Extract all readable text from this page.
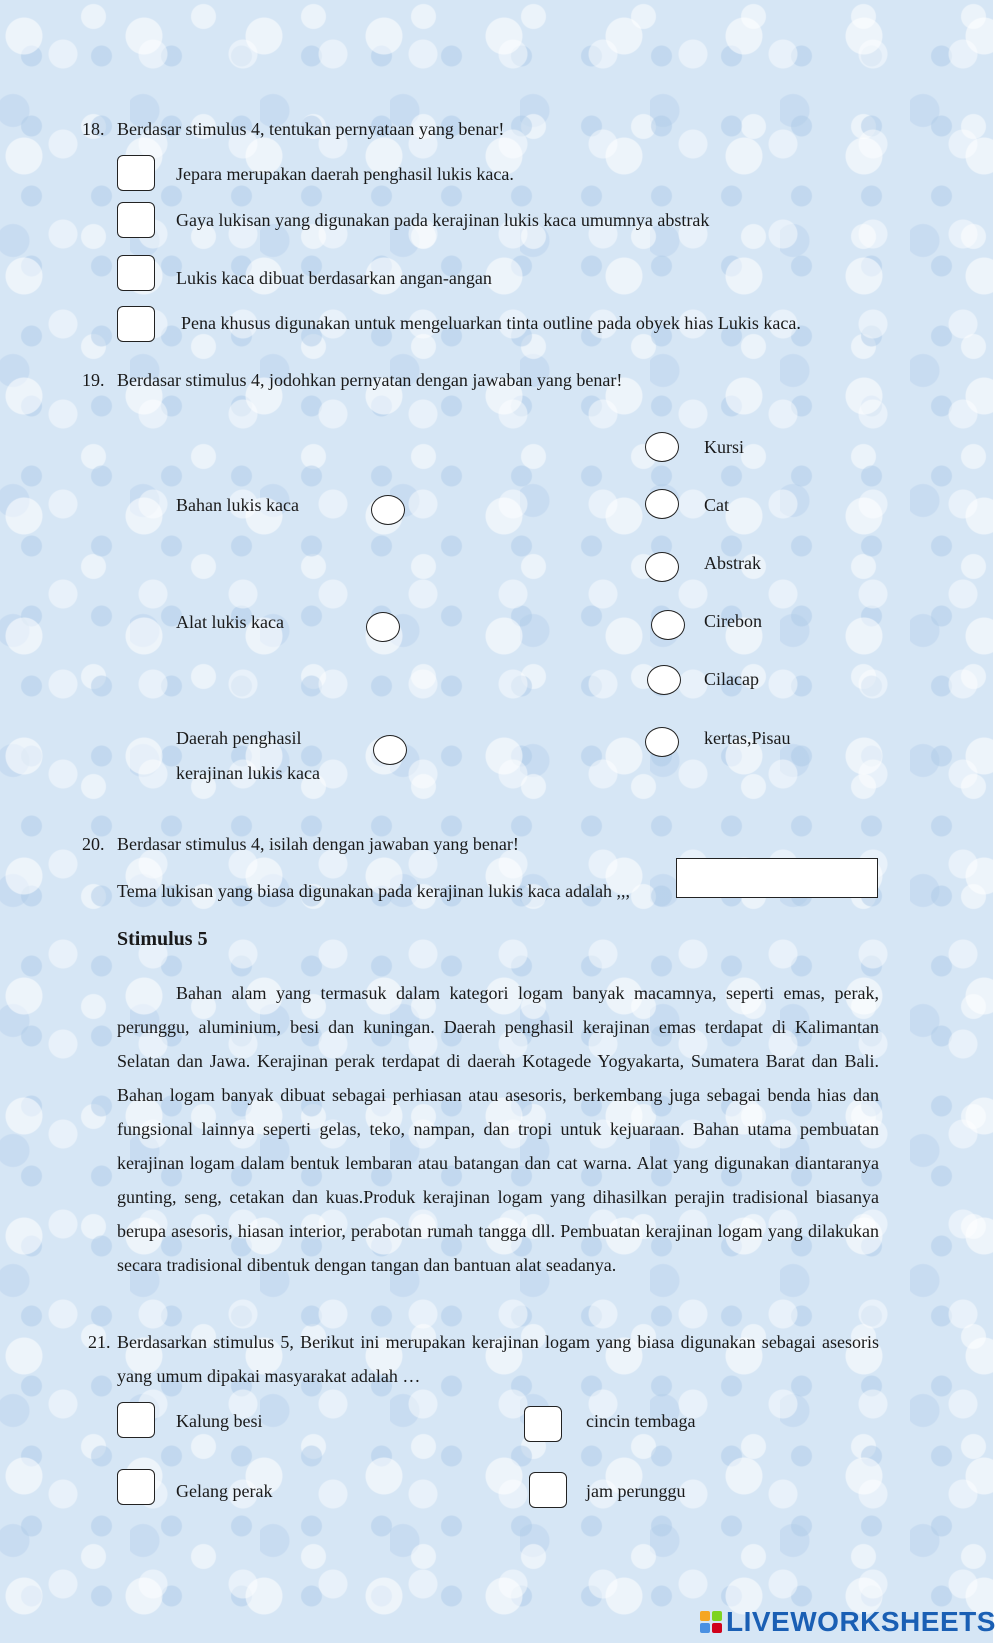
18. Berdasar stimulus 4, tentukan pernyataan yang benar!
Jepara merupakan daerah penghasil lukis kaca.
Gaya lukisan yang digunakan pada kerajinan lukis kaca umumnya abstrak
Lukis kaca dibuat berdasarkan angan-angan
Pena khusus digunakan untuk mengeluarkan tinta outline pada obyek hias Lukis kaca.
19. Berdasar stimulus 4, jodohkan pernyatan dengan jawaban yang benar!
Bahan lukis kaca
Alat lukis kaca
Daerah penghasil
kerajinan lukis kaca
Kursi
Cat
Abstrak
Cirebon
Cilacap
kertas,Pisau
20. Berdasar stimulus 4, isilah dengan jawaban yang benar!
Tema lukisan yang biasa digunakan pada kerajinan lukis kaca adalah ,,,
Stimulus 5

Bahan alam yang termasuk dalam kategori logam banyak macamnya, seperti emas, perak, perunggu, aluminium, besi dan kuningan. Daerah penghasil kerajinan emas terdapat di Kalimantan Selatan dan Jawa. Kerajinan perak terdapat di daerah Kotagede Yogyakarta, Sumatera Barat dan Bali. Bahan logam banyak dibuat sebagai perhiasan atau asesoris, berkembang juga sebagai benda hias dan fungsional lainnya seperti gelas, teko, nampan, dan tropi untuk kejuaraan. Bahan utama pembuatan kerajinan logam dalam bentuk lembaran atau batangan dan cat warna. Alat yang digunakan diantaranya gunting, seng, cetakan dan kuas.Produk kerajinan logam yang dihasilkan perajin tradisional biasanya berupa asesoris, hiasan interior, perabotan rumah tangga dll. Pembuatan kerajinan logam yang dilakukan secara tradisional dibentuk dengan tangan dan bantuan alat seadanya.

21. Berdasarkan stimulus 5, Berikut ini merupakan kerajinan logam yang biasa digunakan sebagai asesoris yang umum dipakai masyarakat adalah …

Kalung besi	cincin tembaga
Gelang perak	jam perunggu
LIVEWORKSHEETS
